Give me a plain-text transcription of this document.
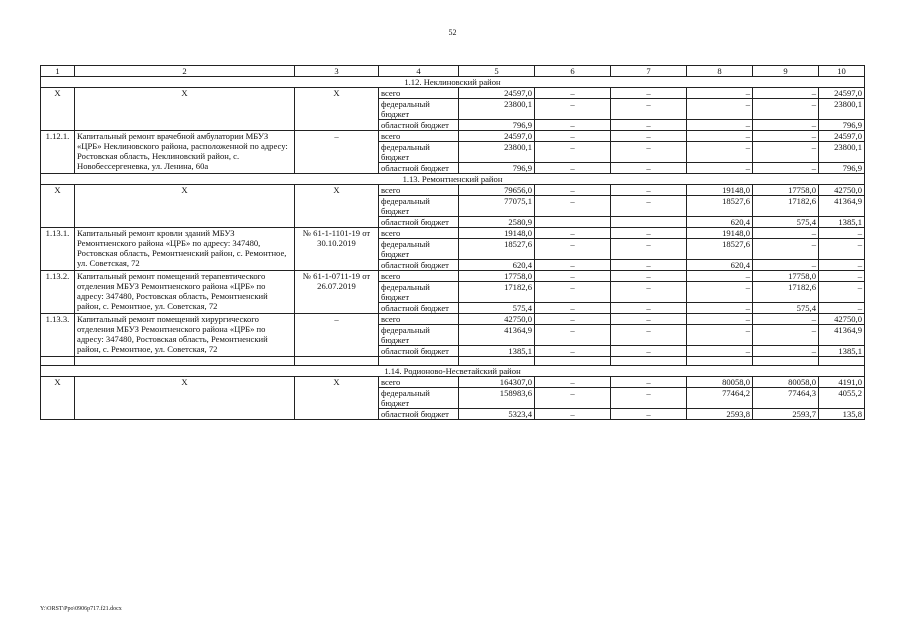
52
1	2	3	4	5	6	7	8	9	10
1.12. Неклиновский район									
X	X	X	всего	24597,0	–	–	–	–	24597,0
			федеральный бюджет	23800,1	–	–	–	–	23800,1
			областной бюджет	796,9	–	–	–	–	796,9
1.12.1.	Капитальный ремонт врачебной амбулатории МБУЗ «ЦРБ» Неклиновского района, расположенной по адресу: Ростовская область, Неклиновский район, с. Новобессергеневка, ул. Ленина, 60а	–	всего	24597,0	–	–	–	–	24597,0
			федеральный бюджет	23800,1	–	–	–	–	23800,1
			областной бюджет	796,9	–	–	–	–	796,9
1.13. Ремонтненский район									
X	X	X	всего	79656,0	–	–	19148,0	17758,0	42750,0
			федеральный бюджет	77075,1	–	–	18527,6	17182,6	41364,9
			областной бюджет	2580,9			620,4	575,4	1385,1
1.13.1.	Капитальный ремонт кровли зданий МБУЗ Ремонтненского района «ЦРБ» по адресу: 347480, Ростовская область, Ремонтненский район, с. Ремонтное, ул. Советская, 72	№ 61-1-1101-19 от 30.10.2019	всего	19148,0	–	–	19148,0	–	–
			федеральный бюджет	18527,6	–	–	18527,6	–	–
			областной бюджет	620,4	–	–	620,4	–	–
1.13.2.	Капитальный ремонт помещений терапевтического отделения МБУЗ Ремонтненского района «ЦРБ» по адресу: 347480, Ростовская область, Ремонтненский район, с. Ремонтное, ул. Советская, 72	№ 61-1-0711-19 от 26.07.2019	всего	17758,0	–	–	–	17758,0	–
			федеральный бюджет	17182,6	–	–	–	17182,6	–
			областной бюджет	575,4	–	–	–	575,4	–
1.13.3.	Капитальный ремонт помещений хирургического отделения МБУЗ Ремонтненского района «ЦРБ» по адресу: 347480, Ростовская область, Ремонтненский район, с. Ремонтное, ул. Советская, 72	–	всего	42750,0	–	–	–	–	42750,0
			федеральный бюджет	41364,9	–	–	–	–	41364,9
			областной бюджет	1385,1	–	–	–	–	1385,1

1.14. Родионово-Несветайский район									
X	X	X	всего	164307,0	–	–	80058,0	80058,0	4191,0
			федеральный бюджет	158983,6	–	–	77464,2	77464,3	4055,2
			областной бюджет	5323,4	–	–	2593,8	2593,7	135,8
Y:\ORST\Ppo\0906p717.f21.docx
